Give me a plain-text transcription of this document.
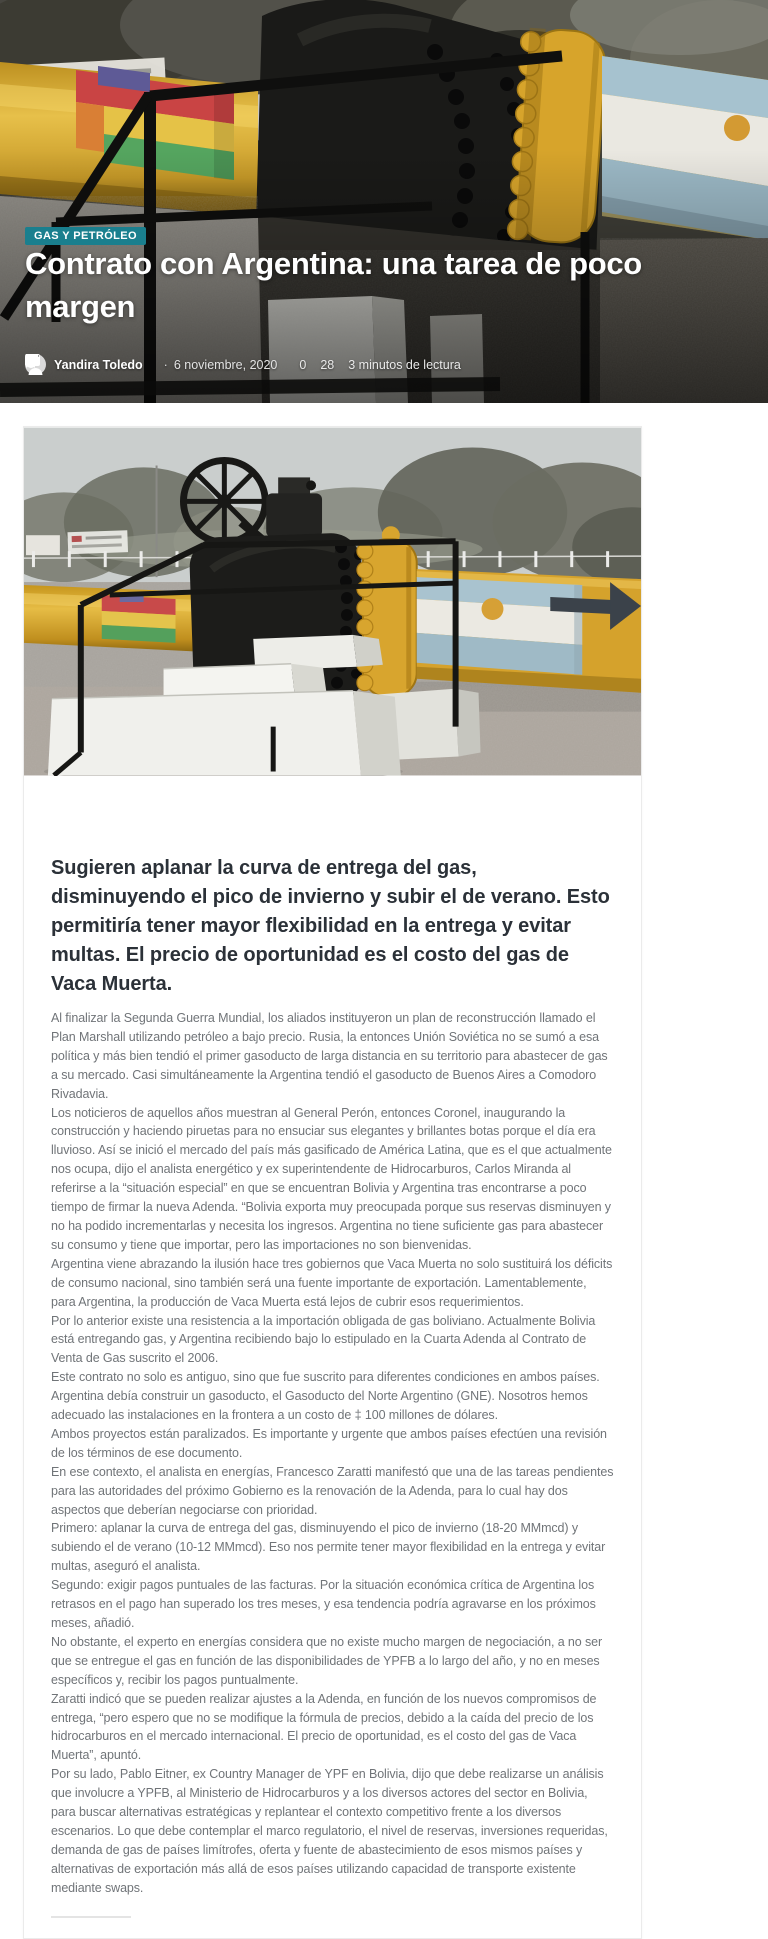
GAS Y PETRÓLEO
Contrato con Argentina: una tarea de poco margen
Yandira Toledo · 6 noviembre, 2020 0 28 3 minutos de lectura
Sugieren aplanar la curva de entrega del gas, disminuyendo el pico de invierno y subir el de verano. Esto permitiría tener mayor flexibilidad en la entrega y evitar multas. El precio de oportunidad es el costo del gas de Vaca Muerta.

Al finalizar la Segunda Guerra Mundial, los aliados instituyeron un plan de reconstrucción llamado el Plan Marshall utilizando petróleo a bajo precio. Rusia, la entonces Unión Soviética no se sumó a esa política y más bien tendió el primer gasoducto de larga distancia en su territorio para abastecer de gas a su mercado. Casi simultáneamente la Argentina tendió el gasoducto de Buenos Aires a Comodoro Rivadavia.

Los noticieros de aquellos años muestran al General Perón, entonces Coronel, inaugurando la construcción y haciendo piruetas para no ensuciar sus elegantes y brillantes botas porque el día era lluvioso. Así se inició el mercado del país más gasificado de América Latina, que es el que actualmente nos ocupa, dijo el analista energético y ex superintendente de Hidrocarburos, Carlos Miranda al referirse a la “situación especial” en que se encuentran Bolivia y Argentina tras encontrarse a poco tiempo de firmar la nueva Adenda. “Bolivia exporta muy preocupada porque sus reservas disminuyen y no ha podido incrementarlas y necesita los ingresos. Argentina no tiene suficiente gas para abastecer su consumo y tiene que importar, pero las importaciones no son bienvenidas.

Argentina viene abrazando la ilusión hace tres gobiernos que Vaca Muerta no solo sustituirá los déficits de consumo nacional, sino también será una fuente importante de exportación. Lamentablemente, para Argentina, la producción de Vaca Muerta está lejos de cubrir esos requerimientos.

Por lo anterior existe una resistencia a la importación obligada de gas boliviano. Actualmente Bolivia está entregando gas, y Argentina recibiendo bajo lo estipulado en la Cuarta Adenda al Contrato de Venta de Gas suscrito el 2006.

Este contrato no solo es antiguo, sino que fue suscrito para diferentes condiciones en ambos países. Argentina debía construir un gasoducto, el Gasoducto del Norte Argentino (GNE). Nosotros hemos adecuado las instalaciones en la frontera a un costo de ‡ 100 millones de dólares.

Ambos proyectos están paralizados. Es importante y urgente que ambos países efectúen una revisión de los términos de ese documento.

En ese contexto, el analista en energías, Francesco Zaratti manifestó que una de las tareas pendientes para las autoridades del próximo Gobierno es la renovación de la Adenda, para lo cual hay dos aspectos que deberían negociarse con prioridad.

Primero: aplanar la curva de entrega del gas, disminuyendo el pico de invierno (18-20 MMmcd) y subiendo el de verano (10-12 MMmcd). Eso nos permite tener mayor flexibilidad en la entrega y evitar multas, aseguró el analista.

Segundo: exigir pagos puntuales de las facturas. Por la situación económica crítica de Argentina los retrasos en el pago han superado los tres meses, y esa tendencia podría agravarse en los próximos meses, añadió.

No obstante, el experto en energías considera que no existe mucho margen de negociación, a no ser que se entregue el gas en función de las disponibilidades de YPFB a lo largo del año, y no en meses específicos y, recibir los pagos puntualmente.

Zaratti indicó que se pueden realizar ajustes a la Adenda, en función de los nuevos compromisos de entrega, “pero espero que no se modifique la fórmula de precios, debido a la caída del precio de los hidrocarburos en el mercado internacional. El precio de oportunidad, es el costo del gas de Vaca Muerta”, apuntó.

Por su lado, Pablo Eitner, ex Country Manager de YPF en Bolivia, dijo que debe realizarse un análisis que involucre a YPFB, al Ministerio de Hidrocarburos y a los diversos actores del sector en Bolivia, para buscar alternativas estratégicas y replantear el contexto competitivo frente a los diversos escenarios. Lo que debe contemplar el marco regulatorio, el nivel de reservas, inversiones requeridas, demanda de gas de países limítrofes, oferta y fuente de abastecimiento de esos mismos países y alternativas de exportación más allá de esos países utilizando capacidad de transporte existente mediante swaps.
